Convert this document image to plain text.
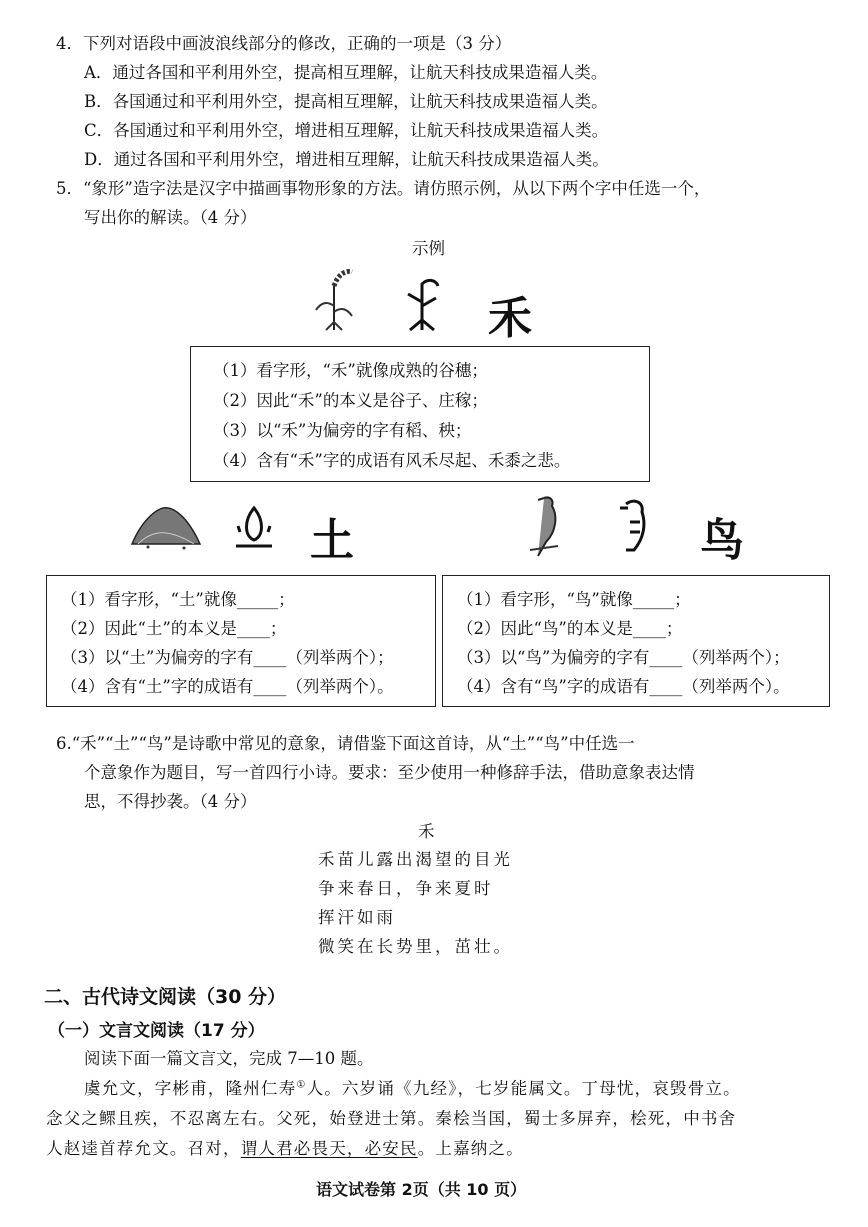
4．下列对语段中画波浪线部分的修改，正确的一项是（3 分）
A．通过各国和平利用外空，提高相互理解，让航天科技成果造福人类。
B．各国通过和平利用外空，提高相互理解，让航天科技成果造福人类。
C．各国通过和平利用外空，增进相互理解，让航天科技成果造福人类。
D．通过各国和平利用外空，增进相互理解，让航天科技成果造福人类。
5．“象形”造字法是汉字中描画事物形象的方法。请仿照示例，从以下两个字中任选一个，
写出你的解读。（4 分）
示例
禾
（1）看字形，“禾”就像成熟的谷穗；
（2）因此“禾”的本义是谷子、庄稼；
（3）以“禾”为偏旁的字有稻、秧；
（4）含有“禾”字的成语有风禾尽起、禾黍之悲。
土	鸟
（1）看字形，“土”就像_____；
（2）因此“土”的本义是____；
（3）以“土”为偏旁的字有____（列举两个）；
（4）含有“土”字的成语有____（列举两个）。
（1）看字形，“鸟”就像_____；
（2）因此“鸟”的本义是____；
（3）以“鸟”为偏旁的字有____（列举两个）；
（4）含有“鸟”字的成语有____（列举两个）。
6.“禾”“土”“鸟”是诗歌中常见的意象，请借鉴下面这首诗，从“土”“鸟”中任选一
个意象作为题目，写一首四行小诗。要求：至少使用一种修辞手法，借助意象表达情
思，不得抄袭。（4 分）
禾
禾苗儿露出渴望的目光
争来春日，争来夏时
挥汗如雨
微笑在长势里，茁壮。
二、古代诗文阅读（30 分）
（一）文言文阅读（17 分）
阅读下面一篇文言文，完成 7—10 题。
虞允文，字彬甫，隆州仁寿①人。六岁诵《九经》，七岁能属文。丁母忧，哀毁骨立。
念父之鳏且疾，不忍离左右。父死，始登进士第。秦桧当国，蜀士多屏弃，桧死，中书舍
人赵逵首荐允文。召对，谓人君必畏天，必安民。上嘉纳之。
语文试卷第 2页（共 10 页）
